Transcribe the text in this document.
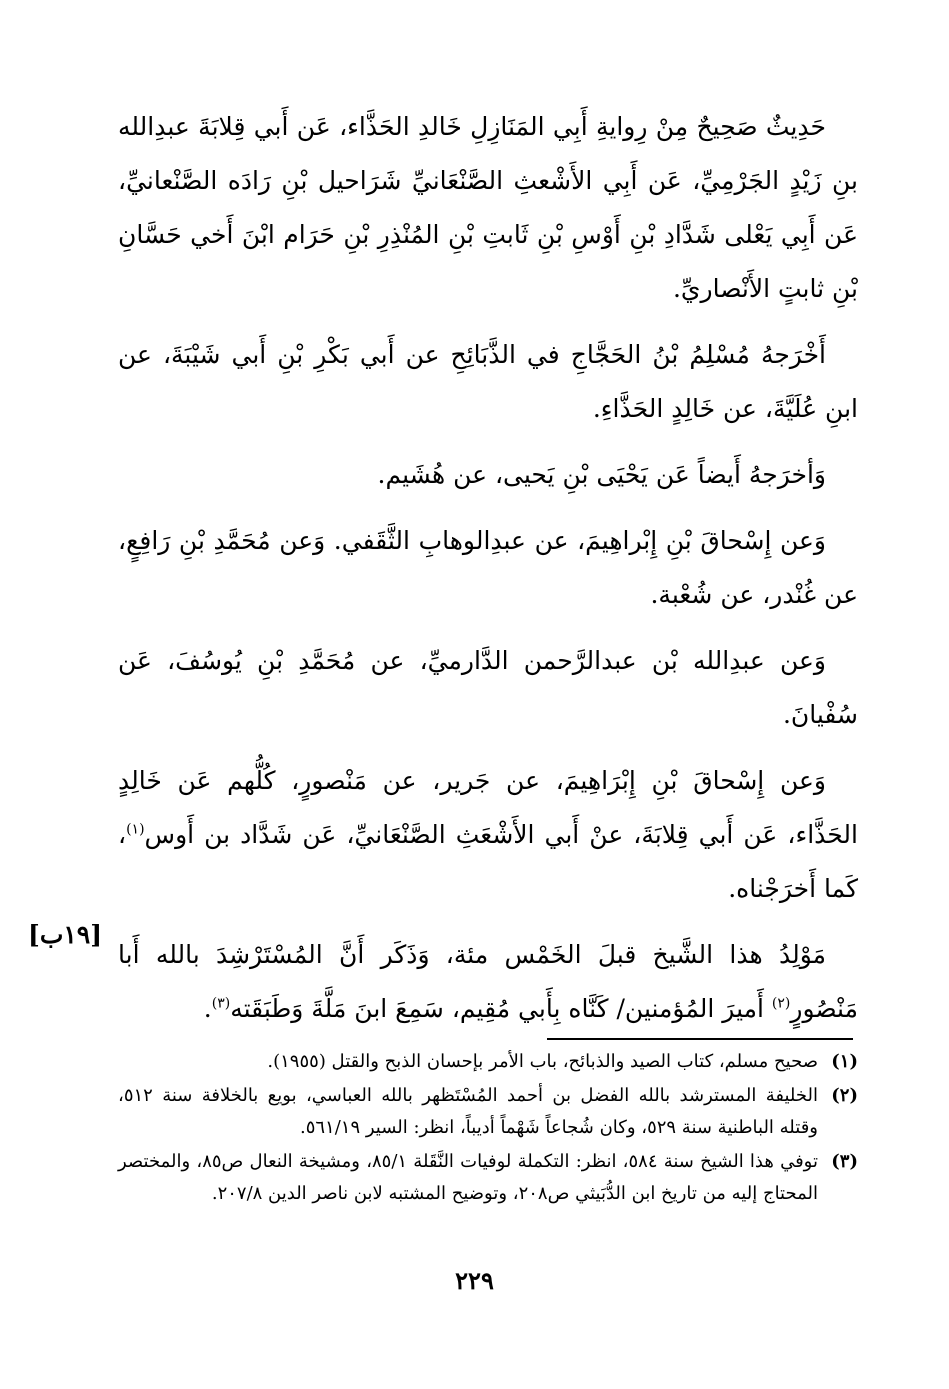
حَدِيثٌ صَحِيحٌ مِنْ رِوايةِ أَبِي المَنَازِلِ خَالدِ الحَذَّاء، عَن أَبي قِلابَةَ عبدِالله بنِ زَيْدٍ الجَرْمِيِّ، عَن أَبِي الأَشْعثِ الصَّنْعَانيِّ شَرَاحيل بْنِ رَادَه الصَّنْعانيِّ، عَن أَبِي يَعْلى شَدَّادِ بْنِ أَوْسِ بْنِ ثَابتِ بْنِ المُنْذِرِ بْنِ حَرَام ابْنَ أَخي حَسَّانِ بْنِ ثابتٍ الأَنْصاريِّ.

أَخْرَجهُ مُسْلِمُ بْنُ الحَجَّاجِ في الذَّبَائِحِ عن أَبي بَكْرِ بْنِ أَبي شَيْبَةَ، عن ابنِ عُلَيَّةَ، عن خَالِدٍ الحَذَّاءِ.

وَأخرَجهُ أَيضاً عَن يَحْيَى بْنِ يَحيى، عن هُشَيم.

وَعن إِسْحاقَ بْنِ إِبْراهِيمَ، عن عبدِالوهابِ الثَّقَفي. وَعن مُحَمَّدِ بْنِ رَافِعٍ، عن غُنْدر، عن شُعْبة.

وَعن عبدِالله بْن عبدالرَّحمن الدَّارميِّ، عن مُحَمَّدِ بْنِ يُوسُفَ، عَن سُفْيانَ.

وَعن إِسْحاقَ بْنِ إِبْرَاهِيمَ، عن جَرير، عن مَنْصورٍ، كُلُّهم عَن خَالِدٍ الحَذَّاء، عَن أَبي قِلابَةَ، عنْ أَبي الأَشْعَثِ الصَّنْعَانيِّ، عَن شَدَّاد بن أَوس$^{(١)}$، كَما أَخرَجْناه.

مَوْلِدُ هذا الشَّيخ قبلَ الخَمْس مئة، وَذَكَر أَنَّ المُسْتَرْشِدَ بالله أَبا مَنْصُورٍ$^{(٢)}$ أَميرَ المُؤمنين/ كَنَّاه بِأَبي مُقِيم، سَمِعَ ابنَ مَلَّةَ وَطَبَقَته$^{(٣)}$.

[١٩ب]
(١)
صحيح مسلم، كتاب الصيد والذبائح، باب الأمر بإحسان الذبح والقتل (١٩٥٥).
(٢)
الخليفة المسترشد بالله الفضل بن أحمد المُسْتَظهر بالله العباسي، بويع بالخلافة سنة ٥١٢، وقتله الباطنية سنة ٥٢٩، وكان شُجاعاً شَهْماً أديباً، انظر: السير ٥٦١/١٩.
(٣)
توفي هذا الشيخ سنة ٥٨٤، انظر: التكملة لوفيات النَّقَلة ٨٥/١، ومشيخة النعال ص٨٥، والمختصر المحتاج إليه من تاريخ ابن الدُّبَيثي ص٢٠٨، وتوضيح المشتبه لابن ناصر الدين ٢٠٧/٨.
٢٢٩
